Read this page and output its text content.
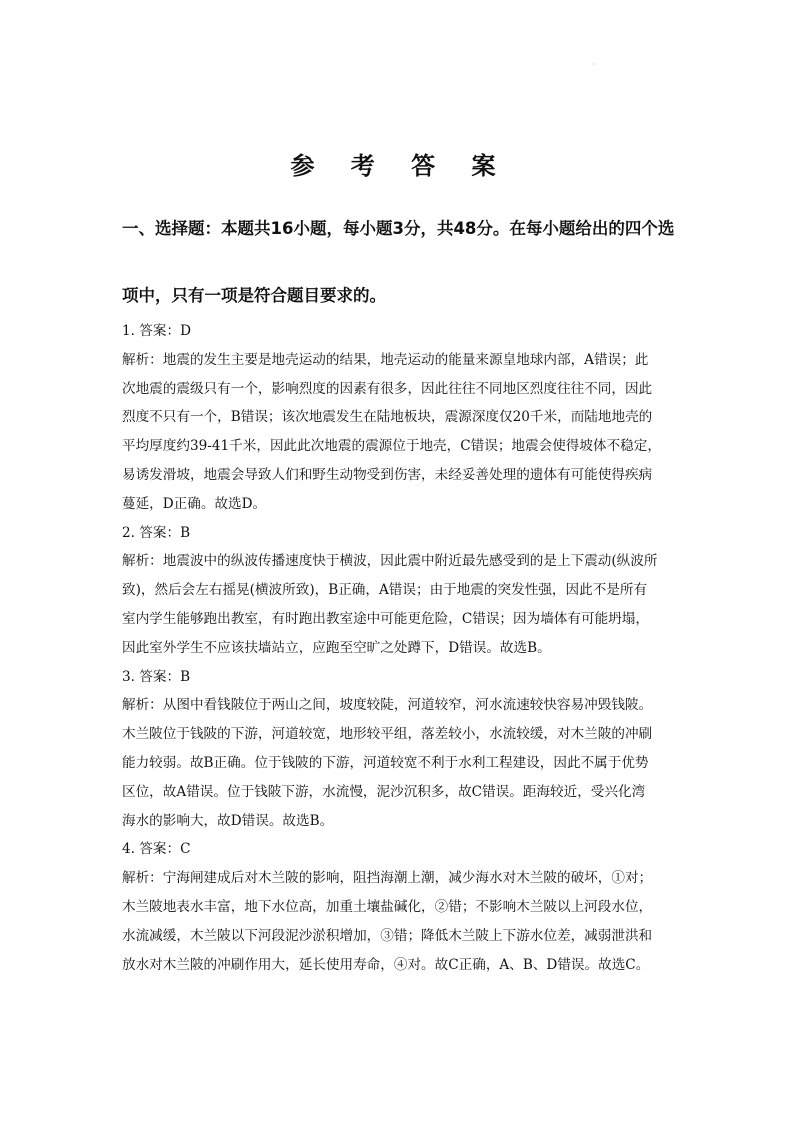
·
参 考 答 案
一、选择题：本题共16小题，每小题3分，共48分。在每小题给出的四个选
项中，只有一项是符合题目要求的。
1. 答案：D
解析：地震的发生主要是地壳运动的结果，地壳运动的能量来源皇地球内部，A错误；此
次地震的震级只有一个，影响烈度的因素有很多，因此往往不同地区烈度往往不同，因此
烈度不只有一个，B错误；该次地震发生在陆地板块，震源深度仅20千米，而陆地地壳的
平均厚度约39-41千米，因此此次地震的震源位于地壳，C错误；地震会使得坡体不稳定，
易诱发滑坡，地震会导致人们和野生动物受到伤害，未经妥善处理的遗体有可能使得疾病
蔓延，D正确。故选D。
2. 答案：B
解析：地震波中的纵波传播速度快于横波，因此震中附近最先感受到的是上下震动(纵波所
致)，然后会左右摇晃(横波所致)，B正确，A错误；由于地震的突发性强，因此不是所有
室内学生能够跑出教室，有时跑出教室途中可能更危险，C错误；因为墙体有可能坍塌，
因此室外学生不应该扶墙站立，应跑至空旷之处蹲下，D错误。故选B。
3. 答案：B
解析：从图中看钱陂位于两山之间，坡度较陡，河道较窄，河水流速较快容易冲毁钱陂。
木兰陂位于钱陂的下游，河道较宽，地形较平组，落差较小，水流较缓，对木兰陂的冲刷
能力较弱。故B正确。位于钱陂的下游，河道较宽不利于水利工程建设，因此不属于优势
区位，故A错误。位于钱陂下游，水流慢，泥沙沉积多，故C错误。距海较近，受兴化湾
海水的影响大，故D错误。故选B。
4. 答案：C
解析：宁海闸建成后对木兰陂的影响，阻挡海潮上潮，减少海水对木兰陂的破坏，①对；
木兰陂地表水丰富，地下水位高，加重土壤盐碱化，②错；不影响木兰陂以上河段水位，
水流减缓，木兰陂以下河段泥沙淤积增加，③错；降低木兰陂上下游水位差，减弱泄洪和
放水对木兰陂的冲刷作用大，延长使用寿命，④对。故C正确，A、B、D错误。故选C。
